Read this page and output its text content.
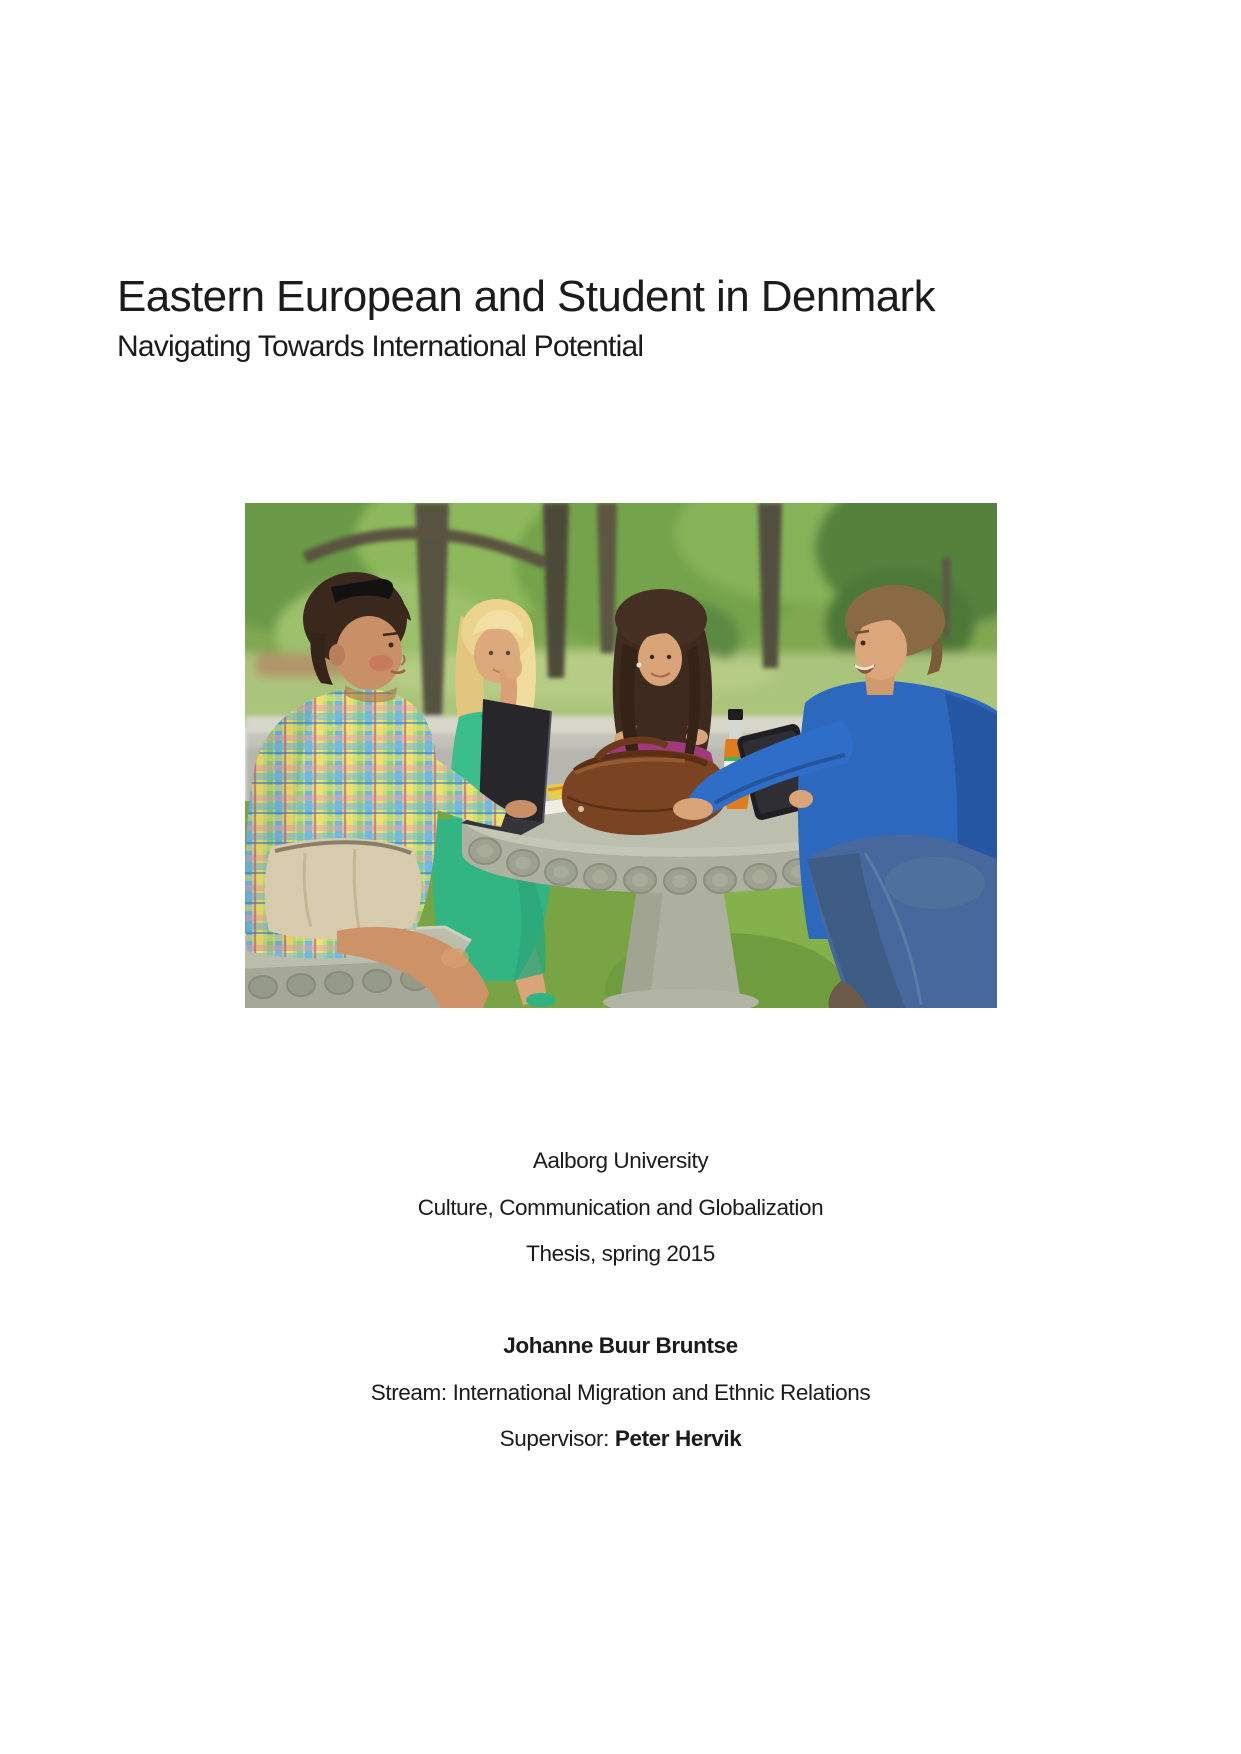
Eastern European and Student in Denmark
Navigating Towards International Potential
Aalborg University
Culture, Communication and Globalization
Thesis, spring 2015
Johanne Buur Bruntse
Stream: International Migration and Ethnic Relations
Supervisor: Peter Hervik
